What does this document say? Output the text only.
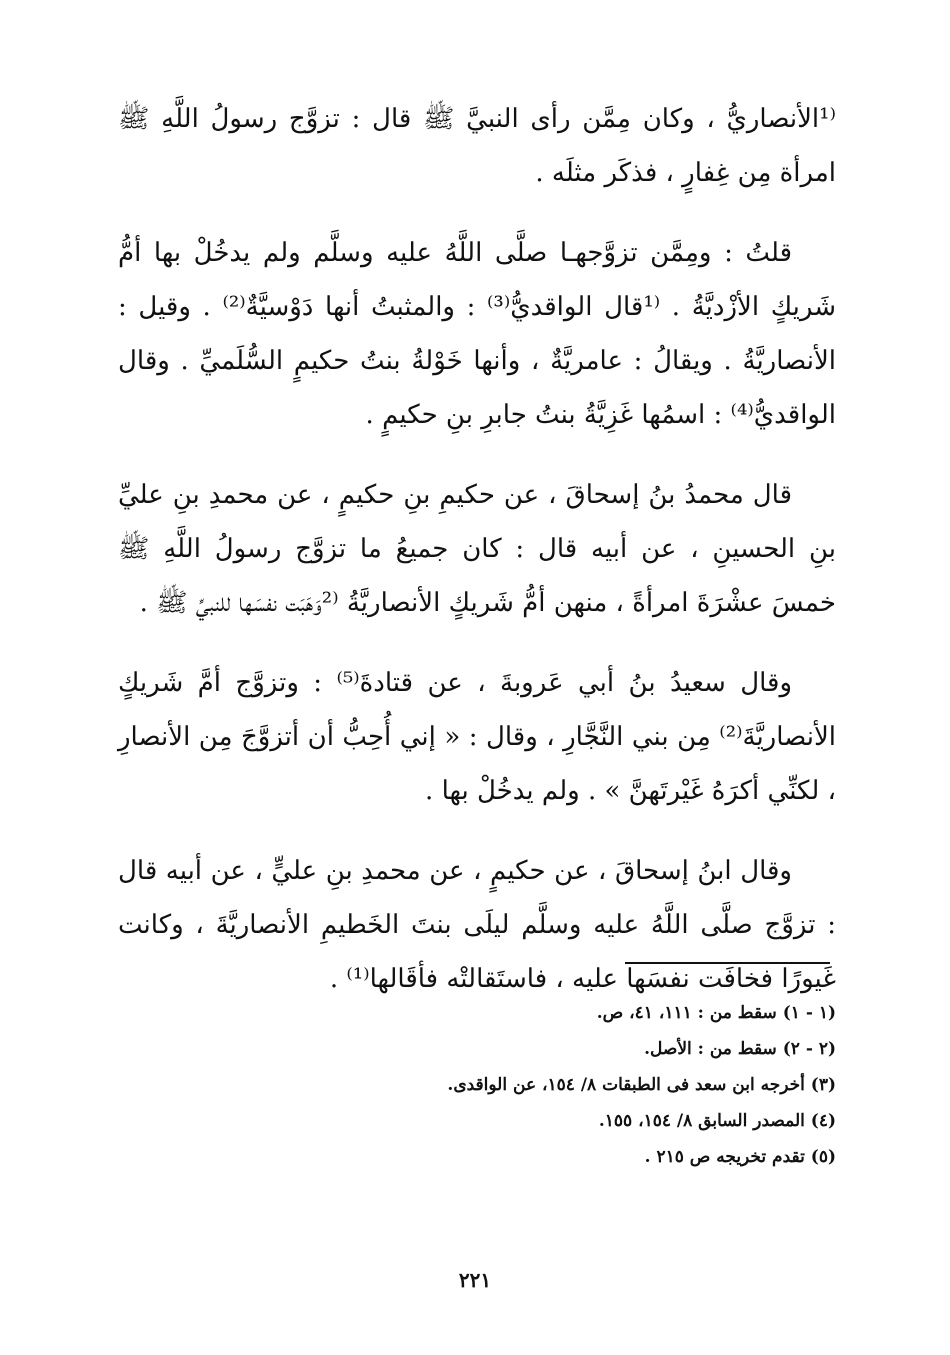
⁽¹الأنصاريُّ ، وكان مِمَّن رأى النبيَّ ﷺ قال : تزوَّج رسولُ اللَّهِ ﷺ امرأة مِن غِفارٍ ، فذكَر مثلَه .

قلتُ : ومِمَّن تزوَّجهـا صلَّى اللَّهُ عليه وسلَّم ولم يدخُلْ بها أمُّ شَريكٍ الأزْديَّةُ . ⁽¹قال الواقديُّ⁽³⁾ : والمثبتُ أنها دَوْسيَّةٌ⁽²⁾ . وقيل : الأنصاريَّةُ . ويقالُ : عامريَّةٌ ، وأنها خَوْلةُ بنتُ حكيمٍ السُّلَميِّ . وقال الواقديُّ⁽⁴⁾ : اسمُها غَزِيَّةُ بنتُ جابرِ بنِ حكيمٍ .

قال محمدُ بنُ إسحاقَ ، عن حكيمِ بنِ حكيمٍ ، عن محمدِ بنِ عليِّ بنِ الحسينِ ، عن أبيه قال : كان جميعُ ما تزوَّج رسولُ اللَّهِ ﷺ خمسَ عشْرَةَ امرأةً ، منهن أمُّ شَريكٍ الأنصاريَّةُ ⁽²وَهَبَت نفسَها للنبيِّ ﷺ .

وقال سعيدُ بنُ أبي عَروبةَ ، عن قتادةَ⁽⁵⁾ : وتزوَّج أمَّ شَريكٍ الأنصاريَّةَ⁽²⁾ مِن بني النَّجَّارِ ، وقال : « إني أُحِبُّ أن أتزوَّجَ مِن الأنصارِ ، لكنِّي أكرَهُ غَيْرتَهنَّ » . ولم يدخُلْ بها .

وقال ابنُ إسحاقَ ، عن حكيمٍ ، عن محمدِ بنِ عليٍّ ، عن أبيه قال : تزوَّج صلَّى اللَّهُ عليه وسلَّم ليلَى بنتَ الخَطيمِ الأنصاريَّةَ ، وكانت غَيورًا فخافَت نفسَها عليه ، فاستَقالتْه فأقَالها⁽¹⁾ .

(١ - ١) سقط من : ١١١، ٤١، ص.
(٢ - ٢) سقط من : الأصل.
(٣) أخرجه ابن سعد فى الطبقات ٨/ ١٥٤، عن الواقدى.
(٤) المصدر السابق ٨/ ١٥٤، ١٥٥.
(٥) تقدم تخريجه ص ٢١٥ .
٢٢١
